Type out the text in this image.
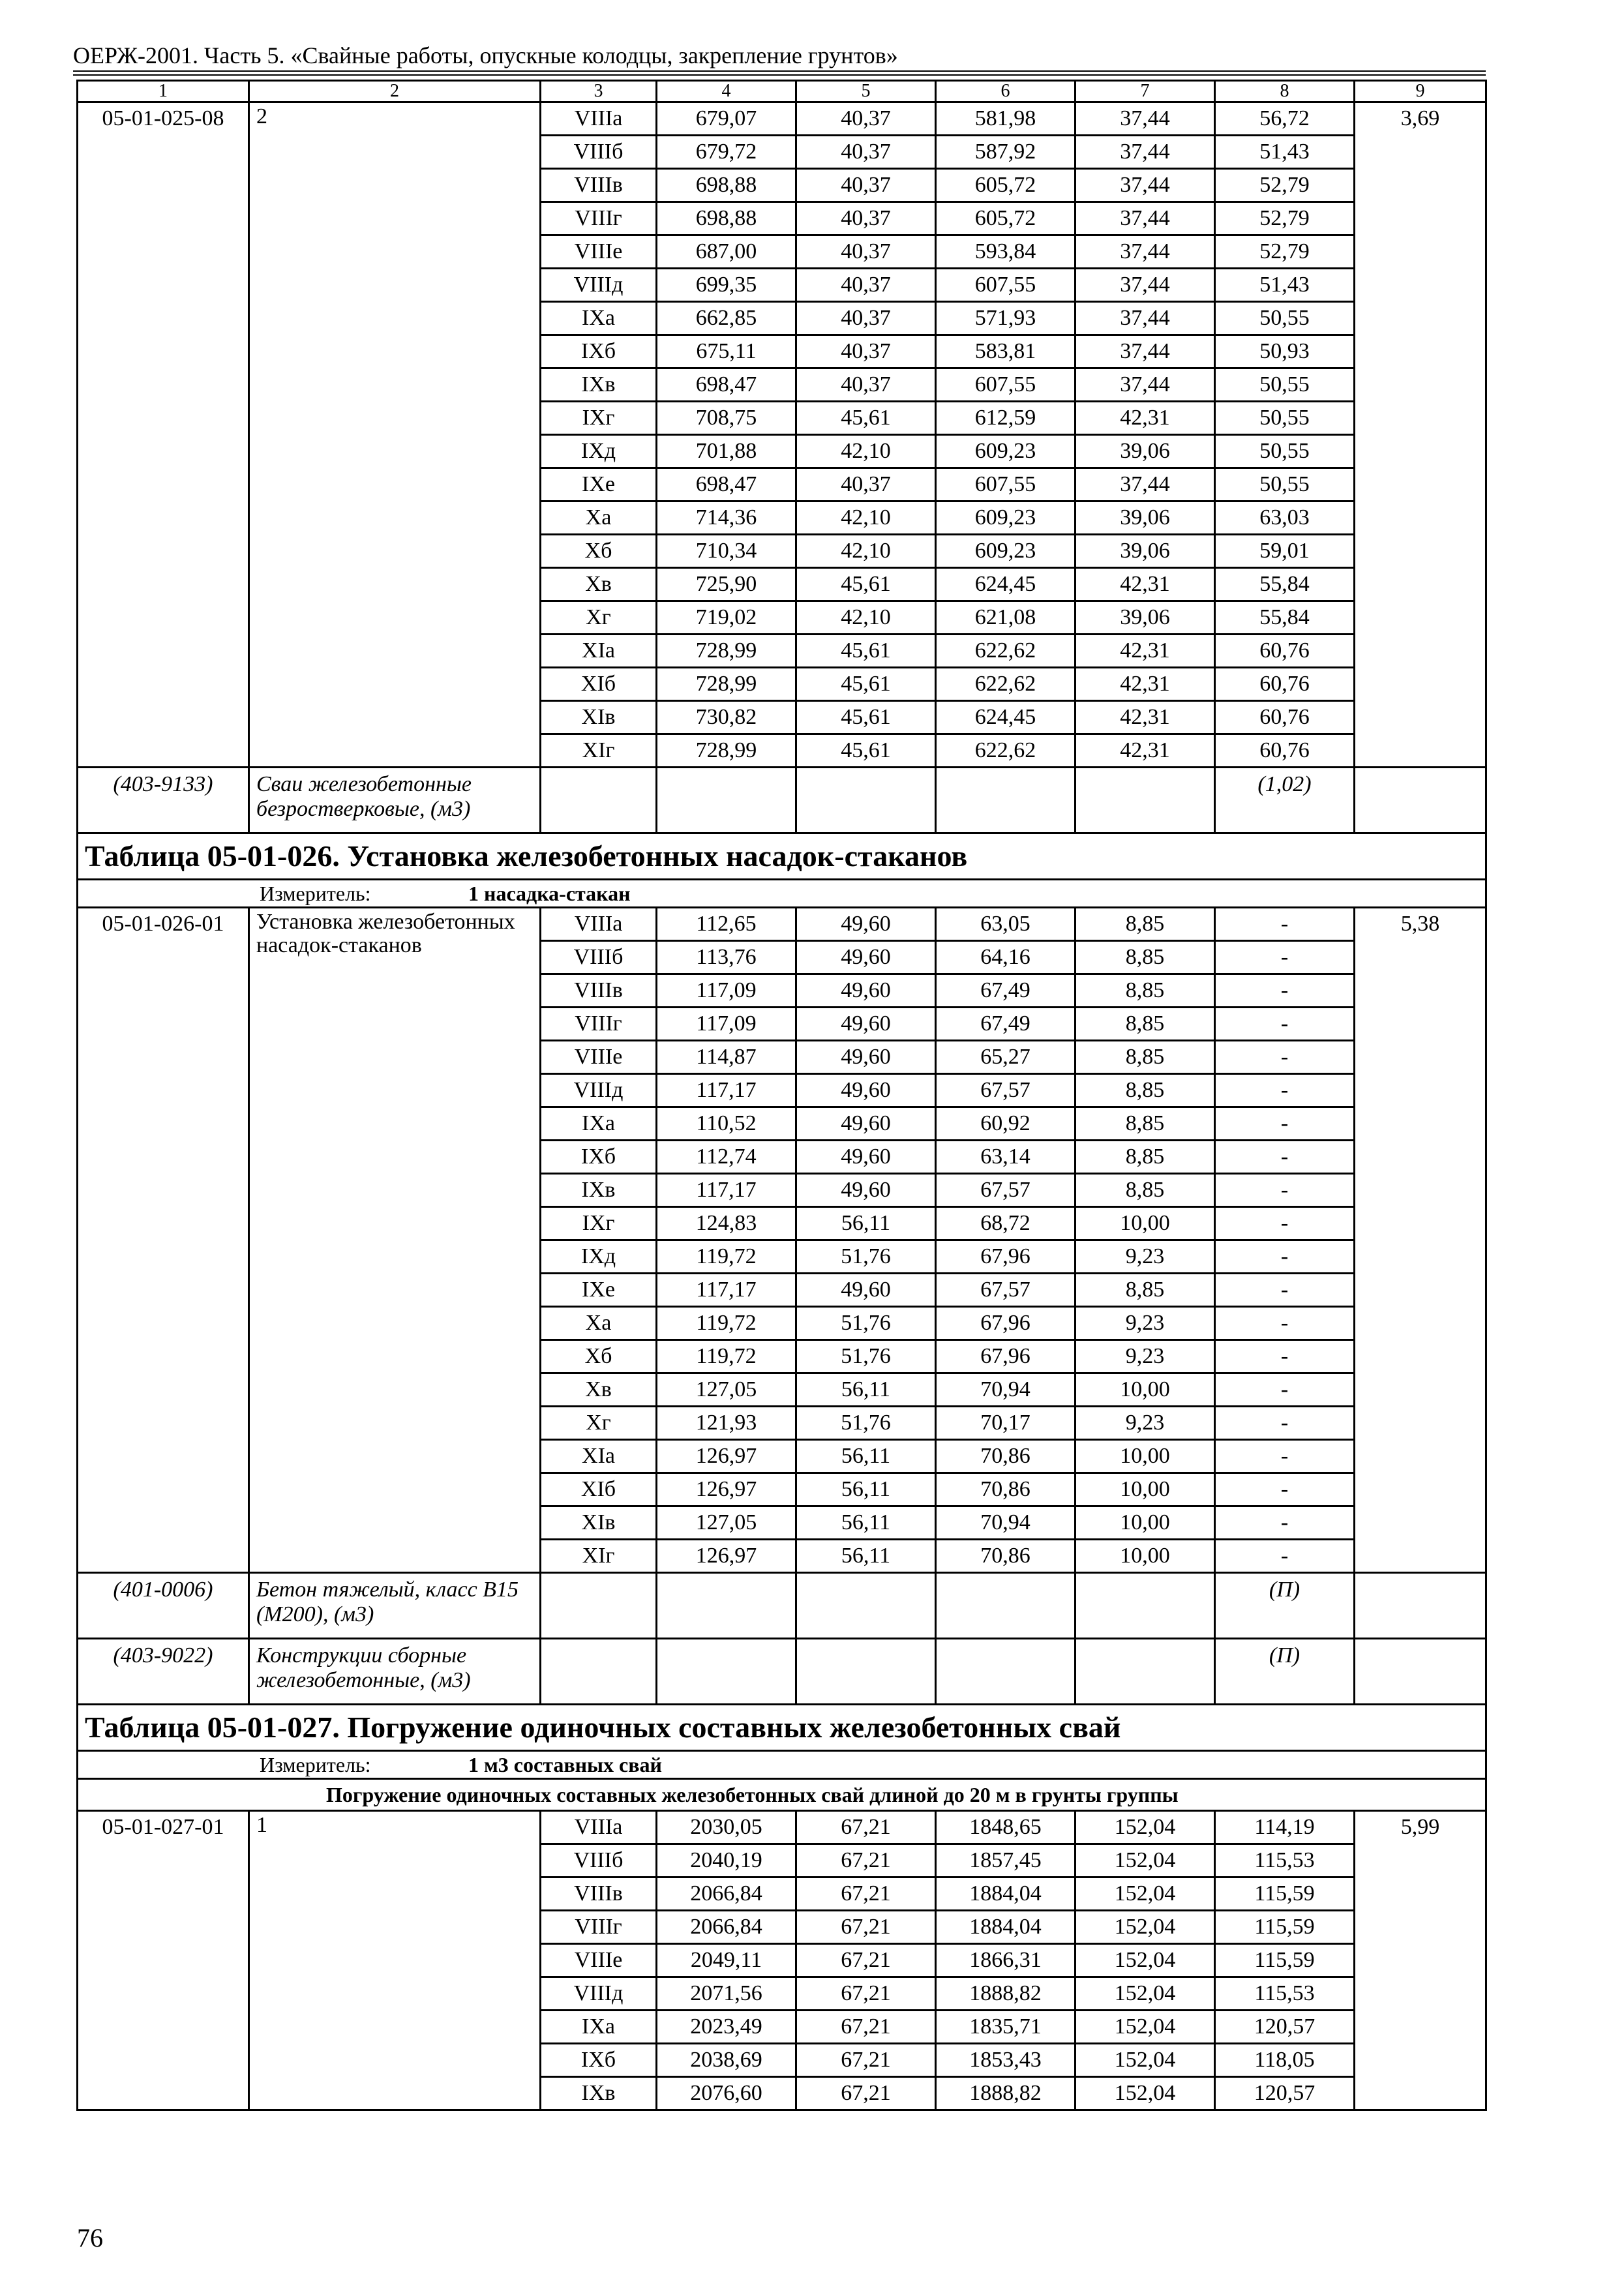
ОЕРЖ-2001. Часть 5. «Свайные работы, опускные колодцы, закрепление грунтов»
1	2	3	4	5	6	7	8	9
05-01-025-08	2	VIIIа	679,07	40,37	581,98	37,44	56,72	3,69
		VIIIб	679,72	40,37	587,92	37,44	51,43	
		VIIIв	698,88	40,37	605,72	37,44	52,79	
		VIIIг	698,88	40,37	605,72	37,44	52,79	
		VIIIе	687,00	40,37	593,84	37,44	52,79	
		VIIIд	699,35	40,37	607,55	37,44	51,43	
		IXа	662,85	40,37	571,93	37,44	50,55	
		IXб	675,11	40,37	583,81	37,44	50,93	
		IXв	698,47	40,37	607,55	37,44	50,55	
		IXг	708,75	45,61	612,59	42,31	50,55	
		IXд	701,88	42,10	609,23	39,06	50,55	
		IXе	698,47	40,37	607,55	37,44	50,55	
		Xа	714,36	42,10	609,23	39,06	63,03	
		Xб	710,34	42,10	609,23	39,06	59,01	
		Xв	725,90	45,61	624,45	42,31	55,84	
		Xг	719,02	42,10	621,08	39,06	55,84	
		XIа	728,99	45,61	622,62	42,31	60,76	
		XIб	728,99	45,61	622,62	42,31	60,76	
		XIв	730,82	45,61	624,45	42,31	60,76	
		XIг	728,99	45,61	622,62	42,31	60,76	
(403-9133)	Сваи железобетонные безростверковые, (м3)						(1,02)	
Таблица 05-01-026. Установка железобетонных насадок-стаканов								
Измеритель: 1 насадка-стакан								
05-01-026-01	Установка железобетонных насадок-стаканов	VIIIа	112,65	49,60	63,05	8,85	-	5,38
		VIIIб	113,76	49,60	64,16	8,85	-	
		VIIIв	117,09	49,60	67,49	8,85	-	
		VIIIг	117,09	49,60	67,49	8,85	-	
		VIIIе	114,87	49,60	65,27	8,85	-	
		VIIIд	117,17	49,60	67,57	8,85	-	
		IXа	110,52	49,60	60,92	8,85	-	
		IXб	112,74	49,60	63,14	8,85	-	
		IXв	117,17	49,60	67,57	8,85	-	
		IXг	124,83	56,11	68,72	10,00	-	
		IXд	119,72	51,76	67,96	9,23	-	
		IXе	117,17	49,60	67,57	8,85	-	
		Xа	119,72	51,76	67,96	9,23	-	
		Xб	119,72	51,76	67,96	9,23	-	
		Xв	127,05	56,11	70,94	10,00	-	
		Xг	121,93	51,76	70,17	9,23	-	
		XIа	126,97	56,11	70,86	10,00	-	
		XIб	126,97	56,11	70,86	10,00	-	
		XIв	127,05	56,11	70,94	10,00	-	
		XIг	126,97	56,11	70,86	10,00	-	
(401-0006)	Бетон тяжелый, класс В15 (М200), (м3)						(П)	
(403-9022)	Конструкции сборные железобетонные, (м3)						(П)	
Таблица 05-01-027. Погружение одиночных составных железобетонных свай								
Измеритель: 1 м3 составных свай								
Погружение одиночных составных железобетонных свай длиной до 20 м в грунты группы								
05-01-027-01	1	VIIIа	2030,05	67,21	1848,65	152,04	114,19	5,99
		VIIIб	2040,19	67,21	1857,45	152,04	115,53	
		VIIIв	2066,84	67,21	1884,04	152,04	115,59	
		VIIIг	2066,84	67,21	1884,04	152,04	115,59	
		VIIIе	2049,11	67,21	1866,31	152,04	115,59	
		VIIIд	2071,56	67,21	1888,82	152,04	115,53	
		IXа	2023,49	67,21	1835,71	152,04	120,57	
		IXб	2038,69	67,21	1853,43	152,04	118,05	
		IXв	2076,60	67,21	1888,82	152,04	120,57	
76
